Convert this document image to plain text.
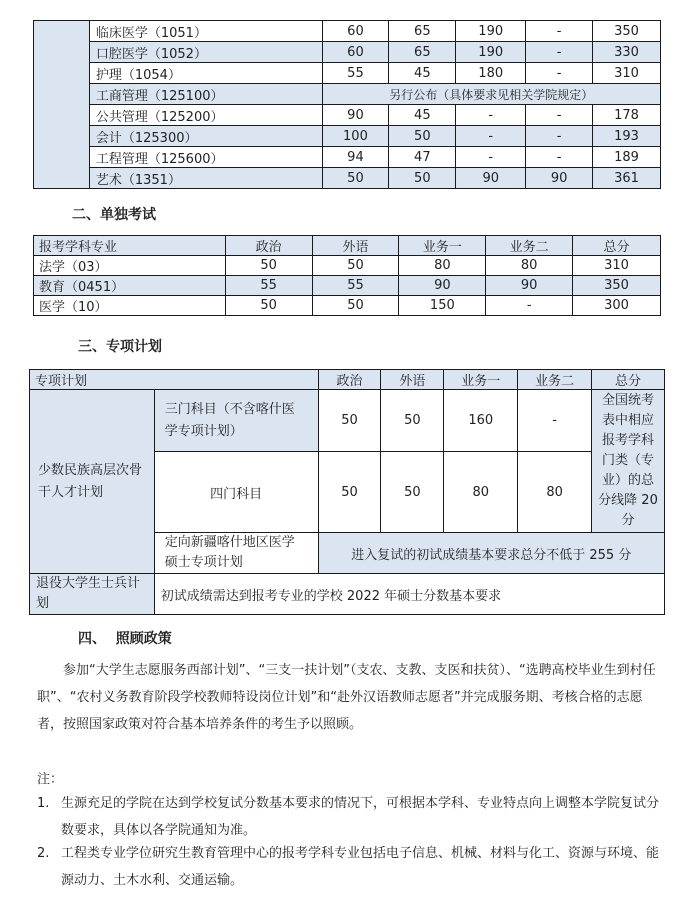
	临床医学（1051）	60	65	190	-	350
	口腔医学（1052）	60	65	190	-	330
	护理（1054）	55	45	180	-	310
	工商管理（125100）	另行公布（具体要求见相关学院规定）				
	公共管理（125200）	90	45	-	-	178
	会计（125300）	100	50	-	-	193
	工程管理（125600）	94	47	-	-	189
	艺术（1351）	50	50	90	90	361
二、单独考试
报考学科专业	政治	外语	业务一	业务二	总分
法学（03）	50	50	80	80	310
教育（0451）	55	55	90	90	350
医学（10）	50	50	150	-	300
三、专项计划
专项计划		政治	外语	业务一	业务二	总分
少数民族高层次骨干人才计划	三门科目（不含喀什医学专项计划）	50	50	160	-	全国统考表中相应报考学科门类（专业）的总分线降 20 分
	四门科目	50	50	80	80	
	定向新疆喀什地区医学硕士专项计划	进入复试的初试成绩基本要求总分不低于 255 分				
退役大学生士兵计划	初试成绩需达到报考专业的学校 2022 年硕士分数基本要求					
四、  照顾政策
参加“大学生志愿服务西部计划”、“三支一扶计划”（支农、支教、支医和扶贫）、“选聘高校毕业生到村任职”、“农村义务教育阶段学校教师特设岗位计划”和“赴外汉语教师志愿者”并完成服务期、考核合格的志愿者，按照国家政策对符合基本培养条件的考生予以照顾。
注：
1. 生源充足的学院在达到学校复试分数基本要求的情况下，可根据本学科、专业特点向上调整本学院复试分数要求，具体以各学院通知为准。
2. 工程类专业学位研究生教育管理中心的报考学科专业包括电子信息、机械、材料与化工、资源与环境、能源动力、土木水利、交通运输。
